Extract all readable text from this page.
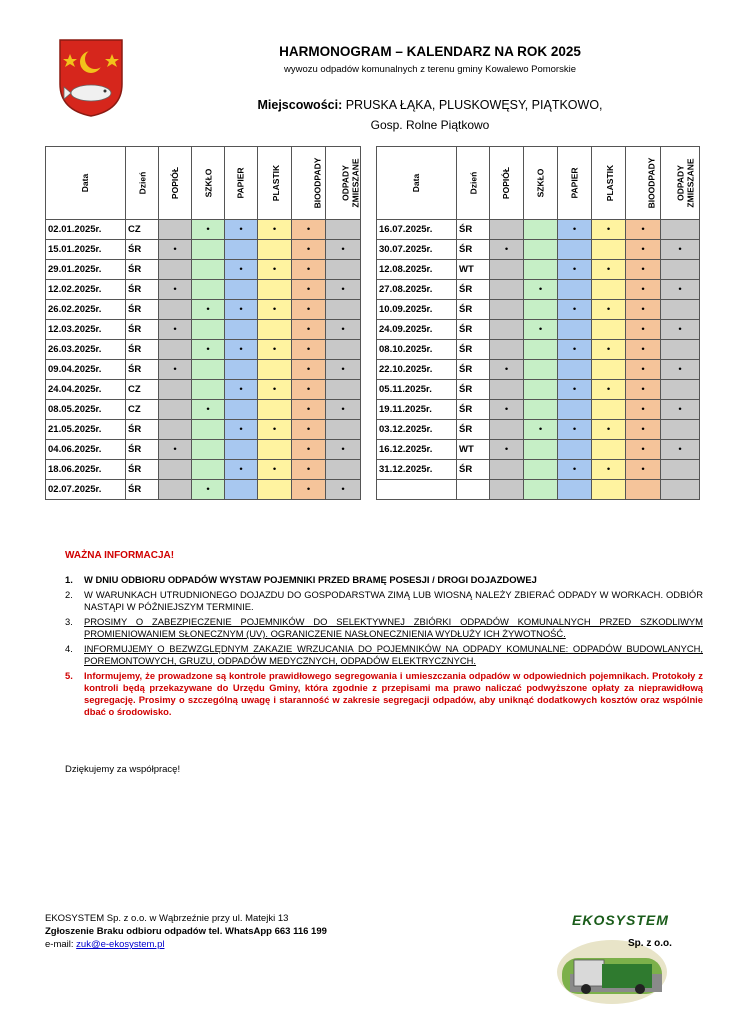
HARMONOGRAM – KALENDARZ NA ROK 2025
wywozu odpadów komunalnych z terenu gminy Kowalewo Pomorskie
Miejscowości: PRUSKA ŁĄKA, PLUSKOWĘSY, PIĄTKOWO,
Gosp. Rolne Piątkowo
Data	Dzień	POPIÓŁ	SZKŁO	PAPIER	PLASTIK	BIOODPADY	ODPADY ZMIESZANE

02.01.2025r.	CZ		•	•	•	•	
15.01.2025r.	ŚR	•				•	•
29.01.2025r.	ŚR			•	•	•	
12.02.2025r.	ŚR	•				•	•
26.02.2025r.	ŚR		•	•	•	•	
12.03.2025r.	ŚR	•				•	•
26.03.2025r.	ŚR		•	•	•	•	
09.04.2025r.	ŚR	•				•	•
24.04.2025r.	CZ			•	•	•	
08.05.2025r.	CZ		•			•	•
21.05.2025r.	ŚR			•	•	•	
04.06.2025r.	ŚR	•				•	•
18.06.2025r.	ŚR			•	•	•	
02.07.2025r.	ŚR		•			•	•
Data	Dzień	POPIÓŁ	SZKŁO	PAPIER	PLASTIK	BIOODPADY	ODPADY ZMIESZANE

16.07.2025r.	ŚR			•	•	•	
30.07.2025r.	ŚR	•				•	•
12.08.2025r.	WT			•	•	•	
27.08.2025r.	ŚR		•			•	•
10.09.2025r.	ŚR			•	•	•	
24.09.2025r.	ŚR		•			•	•
08.10.2025r.	ŚR			•	•	•	
22.10.2025r.	ŚR	•				•	•
05.11.2025r.	ŚR			•	•	•	
19.11.2025r.	ŚR	•				•	•
03.12.2025r.	ŚR		•	•	•	•	
16.12.2025r.	WT	•				•	•
31.12.2025r.	ŚR			•	•	•	

WAŻNA INFORMACJA!
1.	W DNIU ODBIORU ODPADÓW WYSTAW POJEMNIKI PRZED BRAMĘ POSESJI / DROGI DOJAZDOWEJ
2.	W WARUNKACH UTRUDNIONEGO DOJAZDU DO GOSPODARSTWA ZIMĄ LUB WIOSNĄ NALEŻY ZBIERAĆ ODPADY W WORKACH. ODBIÓR NASTĄPI W PÓŹNIEJSZYM TERMINIE.
3.	PROSIMY O ZABEZPIECZENIE POJEMNIKÓW DO SELEKTYWNEJ ZBIÓRKI ODPADÓW KOMUNALNYCH PRZED SZKODLIWYM PROMIENIOWANIEM SŁONECZNYM (UV). OGRANICZENIE NASŁONECZNIENIA WYDŁUŻY ICH ŻYWOTNOŚĆ.
4.	INFORMUJEMY O BEZWZGLĘDNYM ZAKAZIE WRZUCANIA DO POJEMNIKÓW NA ODPADY KOMUNALNE: ODPADÓW BUDOWLANYCH, POREMONTOWYCH, GRUZU, ODPADÓW MEDYCZNYCH, ODPADÓW ELEKTRYCZNYCH.
5.	Informujemy, że prowadzone są kontrole prawidłowego segregowania i umieszczania odpadów w odpowiednich pojemnikach. Protokoły z kontroli będą przekazywane do Urzędu Gminy, która zgodnie z przepisami ma prawo naliczać podwyższone opłaty za nieprawidłową segregację. Prosimy o szczególną uwagę i staranność w zakresie segregacji odpadów, aby uniknąć dodatkowych kosztów oraz wspólnie dbać o środowisko.
Dziękujemy za współpracę!
EKOSYSTEM Sp. z o.o. w Wąbrzeźnie przy ul. Matejki 13
Zgłoszenie Braku odbioru odpadów tel. WhatsApp 663 116 199
e-mail: zuk@e-ekosystem.pl
EKOSYSTEM
Sp. z o.o.
